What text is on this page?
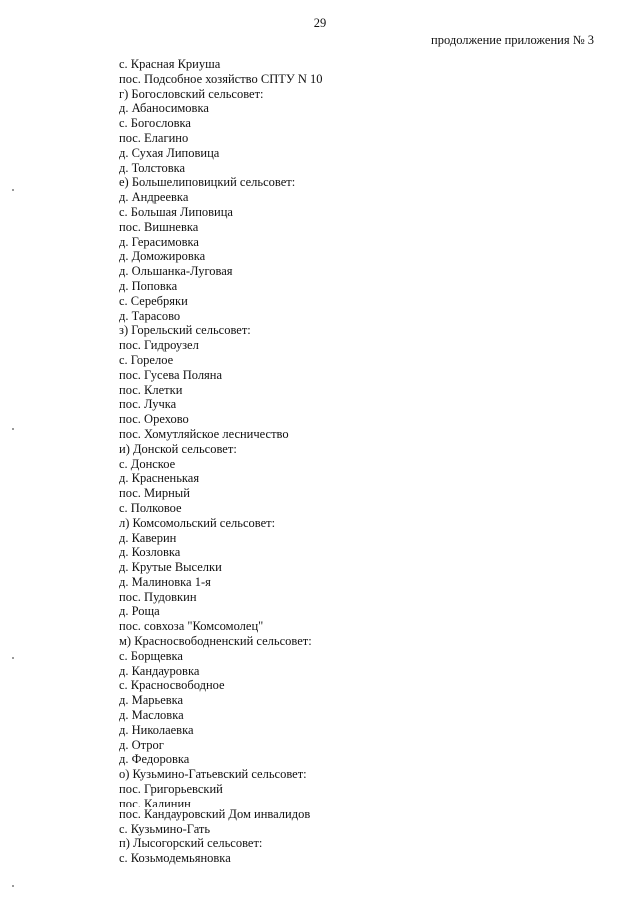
29
продолжение приложения № 3
с. Красная Криуша
пос. Подсобное хозяйство СПТУ N 10
г) Богословский сельсовет:
д. Абаносимовка
с. Богословка
пос. Елагино
д. Сухая Липовица
д. Толстовка
е) Большелиповицкий сельсовет:
д. Андреевка
с. Большая Липовица
пос. Вишневка
д. Герасимовка
д. Доможировка
д. Ольшанка-Луговая
д. Поповка
с. Серебряки
д. Тарасово
з) Горельский сельсовет:
пос. Гидроузел
с. Горелое
пос. Гусева Поляна
пос. Клетки
пос. Лучка
пос. Орехово
пос. Хомутляйское лесничество
и) Донской сельсовет:
с. Донское
д. Красненькая
пос. Мирный
с. Полковое
л) Комсомольский сельсовет:
д. Каверин
д. Козловка
д. Крутые Выселки
д. Малиновка 1-я
пос. Пудовкин
д. Роща
пос. совхоза "Комсомолец"
м) Красносвободненский сельсовет:
с. Борщевка
д. Кандауровка
с. Красносвободное
д. Марьевка
д. Масловка
д. Николаевка
д. Отрог
д. Федоровка
о) Кузьмино-Гатьевский сельсовет:
пос. Григорьевский
пос. Калинин
пос. Кандауровский Дом инвалидов
с. Кузьмино-Гать
п) Лысогорский сельсовет:
с. Козьмодемьяновка
